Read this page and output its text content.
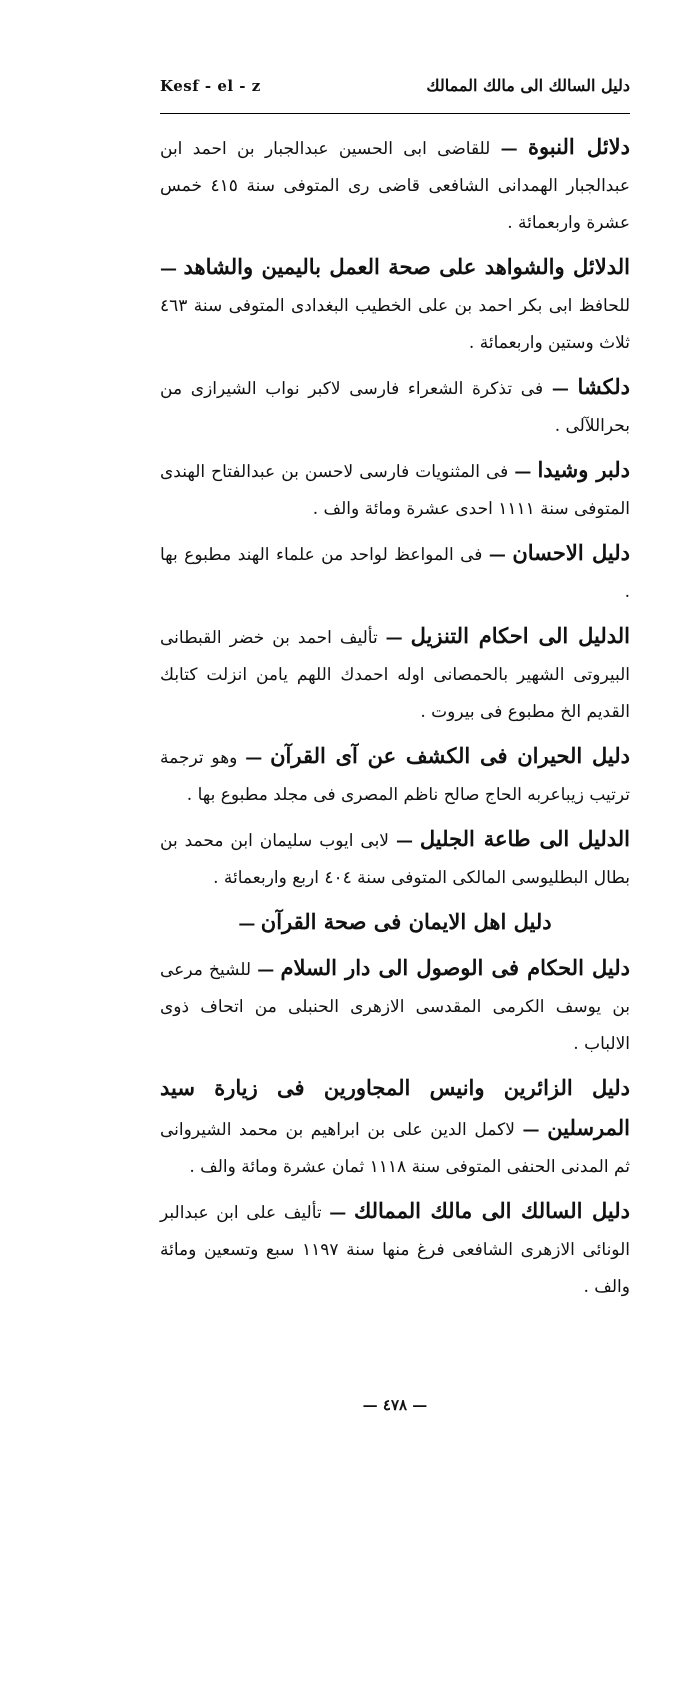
Kesf - el - z	دليل السالك الى مالك الممالك

دلائل النبوة — للقاضى ابى الحسين عبدالجبار بن احمد ابن عبدالجبار الهمدانى الشافعى قاضى رى المتوفى سنة ٤١٥ خمس عشرة واربعمائة .

الدلائل والشواهد على صحة العمل باليمين والشاهد — للحافظ ابى بكر احمد بن على الخطيب البغدادى المتوفى سنة ٤٦٣ ثلاث وستين واربعمائة .

دلكشا — فى تذكرة الشعراء فارسى لاكبر نواب الشيرازى من بحراللآلى .

دلبر وشيدا — فى المثنويات فارسى لاحسن بن عبدالفتاح الهندى المتوفى سنة ١١١١ احدى عشرة ومائة والف .

دليل الاحسان — فى المواعظ لواحد من علماء الهند مطبوع بها .

الدليل الى احكام التنزيل — تأليف احمد بن خضر القبطانى البيروتى الشهير بالحمصانى اوله احمدك اللهم يامن انزلت كتابك القديم الخ مطبوع فى بيروت .

دليل الحيران فى الكشف عن آى القرآن — وهو ترجمة ترتيب زيباعربه الحاج صالح ناظم المصرى فى مجلد مطبوع بها .

الدليل الى طاعة الجليل — لابى ايوب سليمان ابن محمد بن بطال البطليوسى المالكى المتوفى سنة ٤٠٤ اربع واربعمائة .

دليل اهل الايمان فى صحة القرآن —

دليل الحكام فى الوصول الى دار السلام — للشيخ مرعى بن يوسف الكرمى المقدسى الازهرى الحنبلى من اتحاف ذوى الالباب .

دليل الزائرين وانيس المجاورين فى زيارة سيد المرسلين — لاكمل الدين على بن ابراهيم بن محمد الشيروانى ثم المدنى الحنفى المتوفى سنة ١١١٨ ثمان عشرة ومائة والف .

دليل السالك الى مالك الممالك — تأليف على ابن عبدالبر الونائى الازهرى الشافعى فرغ منها سنة ١١٩٧ سبع وتسعين ومائة والف .

— ٤٧٨ —
